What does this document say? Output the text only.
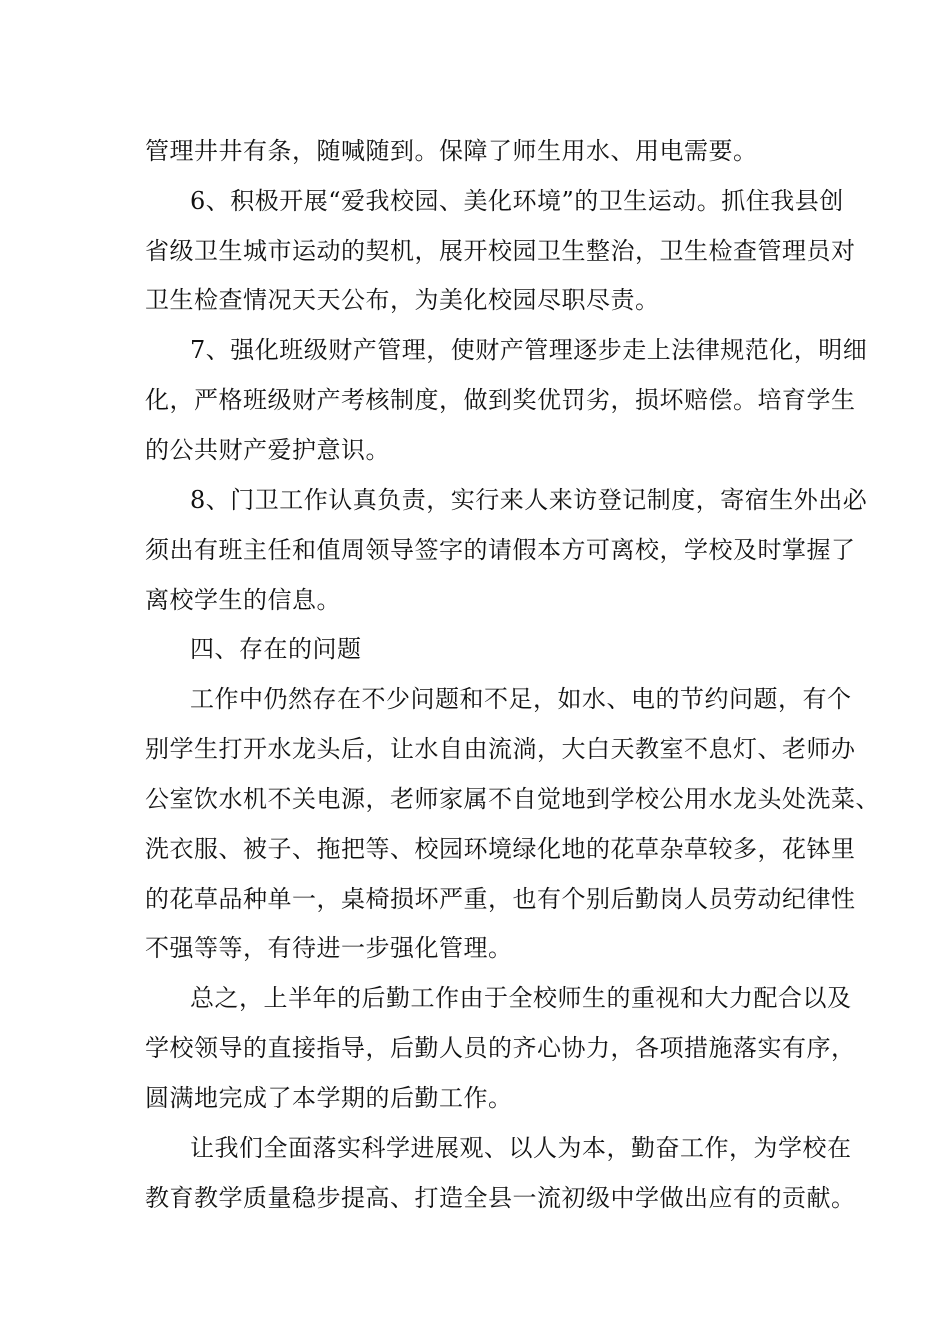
管理井井有条，随喊随到。保障了师生用水、用电需要。
6、积极开展“爱我校园、美化环境”的卫生运动。抓住我县创
省级卫生城市运动的契机，展开校园卫生整治，卫生检查管理员对
卫生检查情况天天公布，为美化校园尽职尽责。
7、强化班级财产管理，使财产管理逐步走上法律规范化，明细
化，严格班级财产考核制度，做到奖优罚劣，损坏赔偿。培育学生
的公共财产爱护意识。
8、门卫工作认真负责，实行来人来访登记制度，寄宿生外出必
须出有班主任和值周领导签字的请假本方可离校，学校及时掌握了
离校学生的信息。
四、存在的问题
工作中仍然存在不少问题和不足，如水、电的节约问题，有个
别学生打开水龙头后，让水自由流淌，大白天教室不息灯、老师办
公室饮水机不关电源，老师家属不自觉地到学校公用水龙头处洗菜、
洗衣服、被子、拖把等、校园环境绿化地的花草杂草较多，花钵里
的花草品种单一，桌椅损坏严重，也有个别后勤岗人员劳动纪律性
不强等等，有待进一步强化管理。
总之，上半年的后勤工作由于全校师生的重视和大力配合以及
学校领导的直接指导，后勤人员的齐心协力，各项措施落实有序，
圆满地完成了本学期的后勤工作。
让我们全面落实科学进展观、以人为本，勤奋工作，为学校在
教育教学质量稳步提高、打造全县一流初级中学做出应有的贡献。
